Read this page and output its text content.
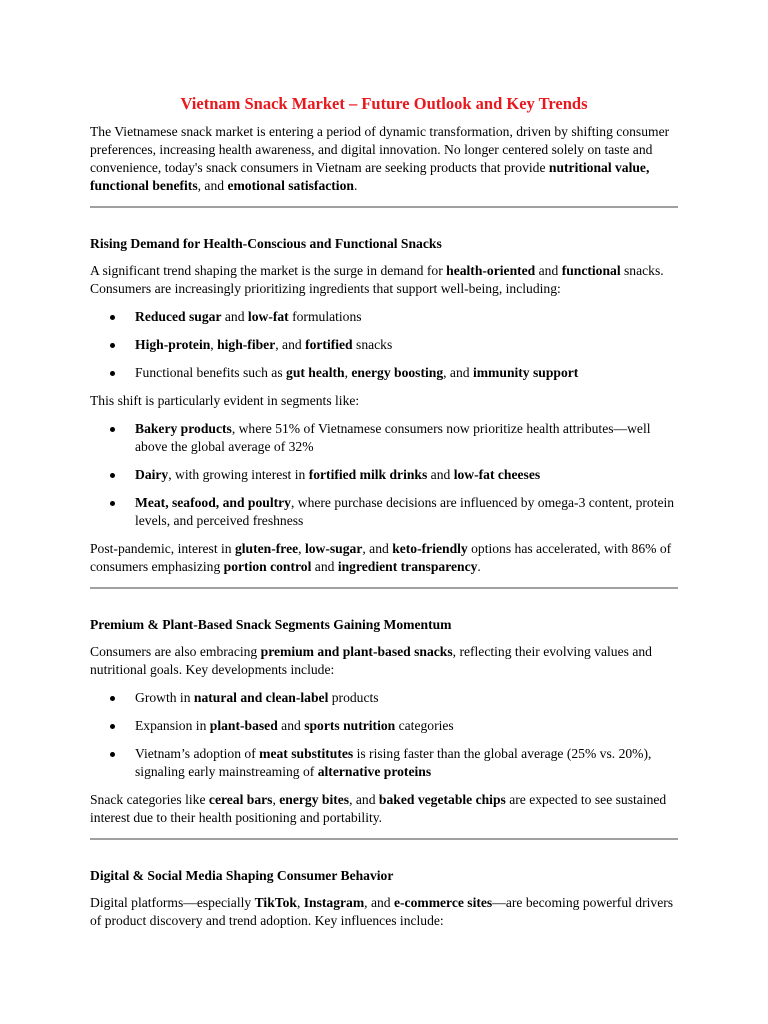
Vietnam Snack Market – Future Outlook and Key Trends

The Vietnamese snack market is entering a period of dynamic transformation, driven by shifting consumer preferences, increasing health awareness, and digital innovation. No longer centered solely on taste and convenience, today's snack consumers in Vietnam are seeking products that provide nutritional value, functional benefits, and emotional satisfaction.

Rising Demand for Health-Conscious and Functional Snacks

A significant trend shaping the market is the surge in demand for health-oriented and functional snacks. Consumers are increasingly prioritizing ingredients that support well-being, including:

Reduced sugar and low-fat formulations
High-protein, high-fiber, and fortified snacks
Functional benefits such as gut health, energy boosting, and immunity support

This shift is particularly evident in segments like:

Bakery products, where 51% of Vietnamese consumers now prioritize health attributes—well above the global average of 32%
Dairy, with growing interest in fortified milk drinks and low-fat cheeses
Meat, seafood, and poultry, where purchase decisions are influenced by omega-3 content, protein levels, and perceived freshness

Post-pandemic, interest in gluten-free, low-sugar, and keto-friendly options has accelerated, with 86% of consumers emphasizing portion control and ingredient transparency.

Premium & Plant-Based Snack Segments Gaining Momentum

Consumers are also embracing premium and plant-based snacks, reflecting their evolving values and nutritional goals. Key developments include:

Growth in natural and clean-label products
Expansion in plant-based and sports nutrition categories
Vietnam’s adoption of meat substitutes is rising faster than the global average (25% vs. 20%), signaling early mainstreaming of alternative proteins

Snack categories like cereal bars, energy bites, and baked vegetable chips are expected to see sustained interest due to their health positioning and portability.

Digital & Social Media Shaping Consumer Behavior

Digital platforms—especially TikTok, Instagram, and e-commerce sites—are becoming powerful drivers of product discovery and trend adoption. Key influences include:
